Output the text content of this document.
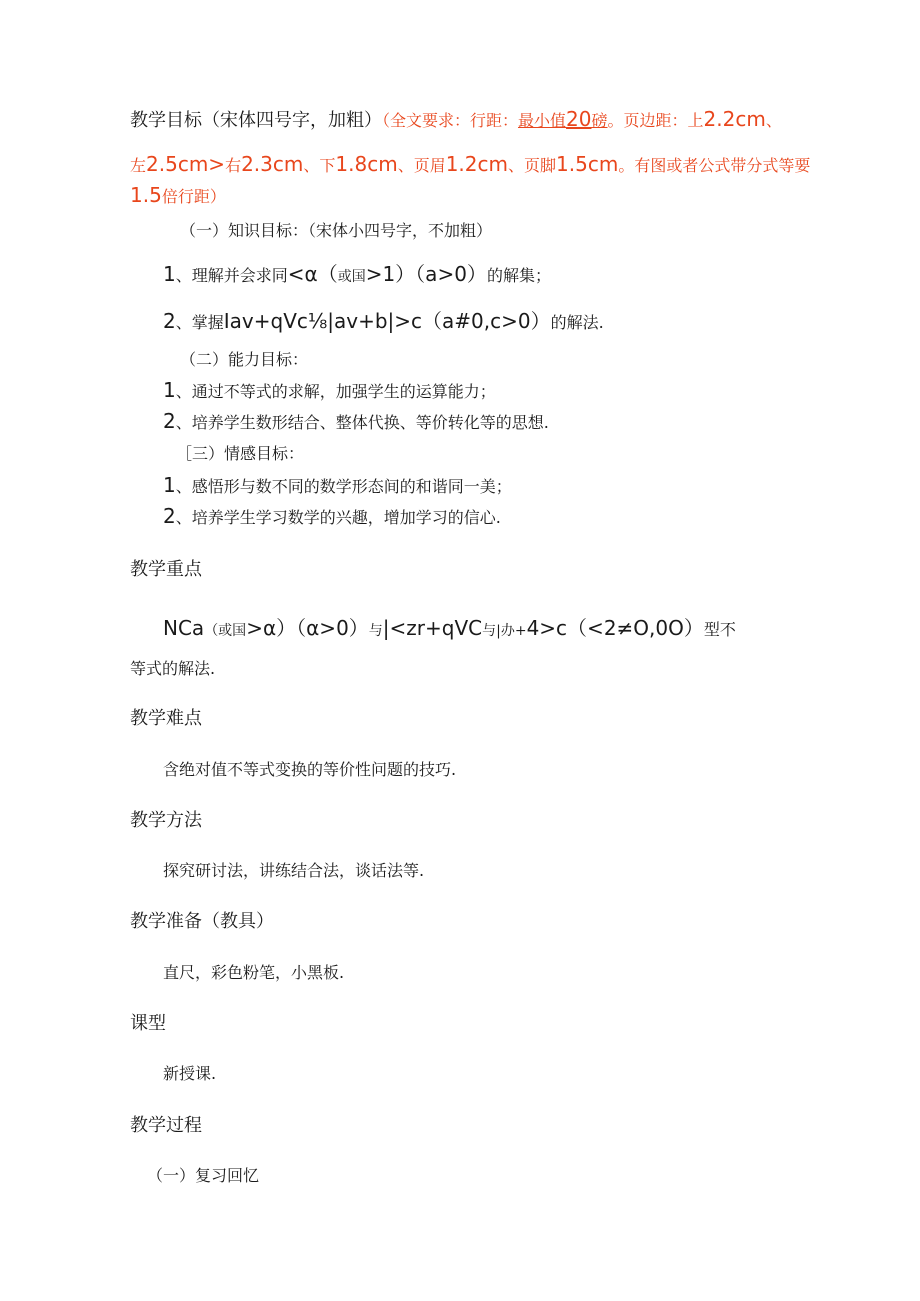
教学目标（宋体四号字，加粗）（全文要求：行距：最小值20磅。页边距：上2.2cm、
左2.5cm>右2.3cm、下1.8cm、页眉1.2cm、页脚1.5cm。有图或者公式带分式等要
1.5倍行距）
（一）知识目标：（宋体小四号字，不加粗）
1、理解并会求同<α（或国>1）（a>0）的解集；
2、掌握Iav+qVc⅛|av+b|>c（a#0,c>0）的解法.
（二）能力目标：
1、通过不等式的求解，加强学生的运算能力；
2、培养学生数形结合、整体代换、等价转化等的思想.
［三）情感目标：
1、感悟形与数不同的数学形态间的和谐同一美；
2、培养学生学习数学的兴趣，增加学习的信心.
教学重点
NCa（或国>α）（α>0）与|<zr+qVC与|办+4>c（<2≠O,0O）型不
等式的解法.
教学难点
含绝对值不等式变换的等价性问题的技巧.
教学方法
探究研讨法，讲练结合法，谈话法等.
教学准备（教具）
直尺，彩色粉笔，小黑板.
课型
新授课.
教学过程
（一）复习回忆
